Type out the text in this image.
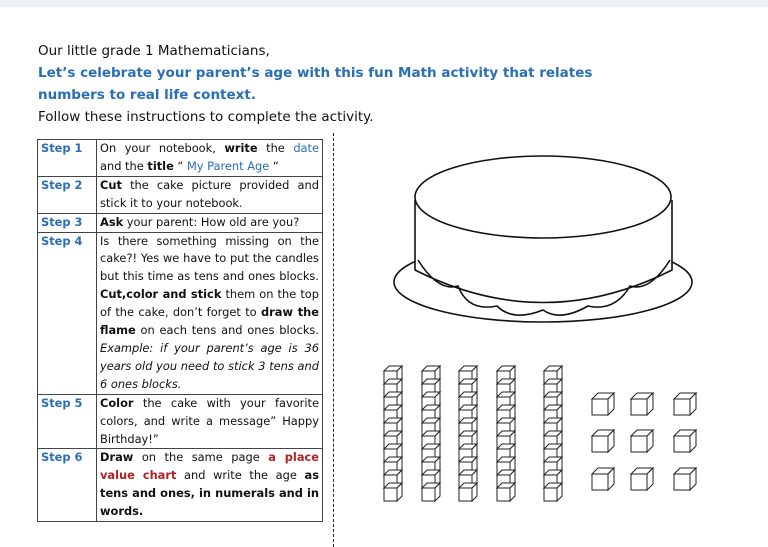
Our little grade 1 Mathematicians,
Let’s celebrate your parent’s age with this fun Math activity that relates
numbers to real life context.
Follow these instructions to complete the activity.
Step 1	On your notebook, write the date and the title “ My Parent Age “
Step 2	Cut the cake picture provided and stick it to your notebook.
Step 3	Ask your parent: How old are you?
Step 4	Is there something missing on the cake?! Yes we have to put the candles but this time as tens and ones blocks. Cut,color and stick them on the top of the cake, don’t forget to draw the flame on each tens and ones blocks. Example: if your parent’s age is 36 years old you need to stick 3 tens and 6 ones blocks.
Step 5	Color the cake with your favorite colors, and write a message” Happy Birthday!”
Step 6	Draw on the same page a place value chart and write the age as tens and ones, in numerals and in words.
